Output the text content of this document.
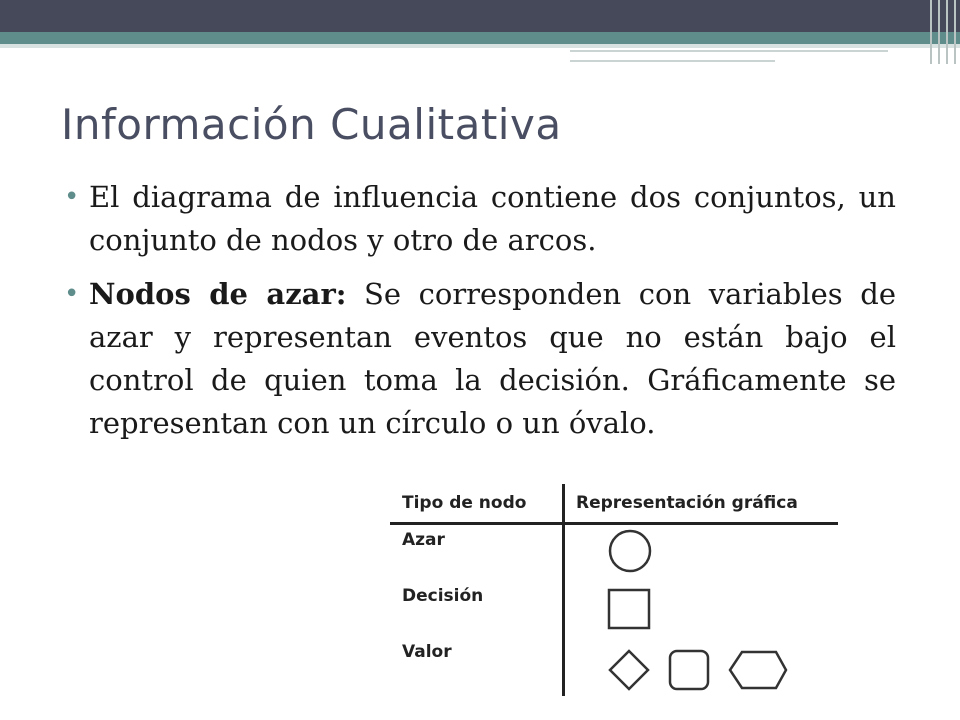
Información Cualitativa
• El diagrama de influencia contiene dos conjuntos, un conjunto de nodos y otro de arcos.
• Nodos de azar: Se corresponden con variables de azar y representan eventos que no están bajo el control de quien toma la decisión. Gráficamente se representan con un círculo o un óvalo.
Tipo de nodo	Representación gráfica
Azar
Decisión
Valor
